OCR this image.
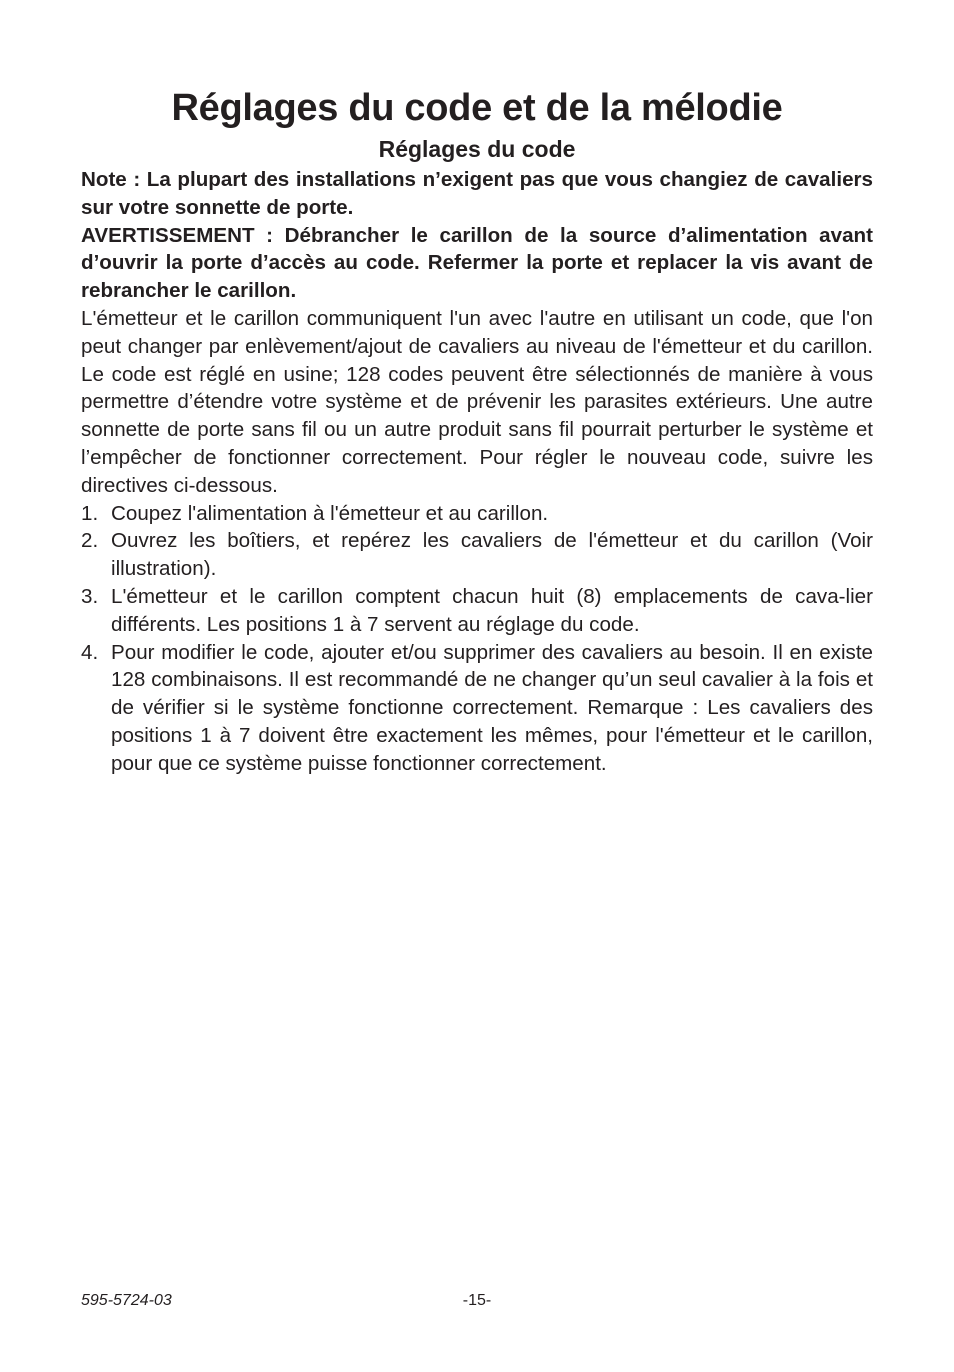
Réglages du code et de la mélodie
Réglages du code

Note : La plupart des installations n’exigent pas que vous changiez de cavaliers sur votre sonnette de porte.

AVERTISSEMENT : Débrancher le carillon de la source d’alimentation avant d’ouvrir la porte d’accès au code. Refermer la porte et replacer la vis avant de rebrancher le carillon.

L'émetteur et le carillon communiquent l'un avec l'autre en utilisant un code, que l'on peut changer par enlèvement/ajout de cavaliers au niveau de l'émetteur et du carillon. Le code est réglé en usine; 128 codes peuvent être sélectionnés de manière à vous permettre d’étendre votre système et de prévenir les parasites extérieurs. Une autre sonnette de porte sans fil ou un autre produit sans fil pourrait perturber le système et l’empêcher de fonctionner correctement. Pour régler le nouveau code, suivre les directives ci-dessous.

1. Coupez l'alimentation à l'émetteur et au carillon.
2. Ouvrez les boîtiers, et repérez les cavaliers de l'émetteur et du carillon (Voir illustration).
3. L'émetteur et le carillon comptent chacun huit (8) emplacements de cava-lier différents. Les positions 1 à 7 servent au réglage du code.
4. Pour modifier le code, ajouter et/ou supprimer des cavaliers au besoin. Il en existe 128 combinaisons. Il est recommandé de ne changer qu’un seul cavalier à la fois et de vérifier si le système fonctionne correctement. Remarque : Les cavaliers des positions 1 à 7 doivent être exactement les mêmes, pour l'émetteur et le carillon, pour que ce système puisse fonctionner correctement.
595-5724-03	-15-
